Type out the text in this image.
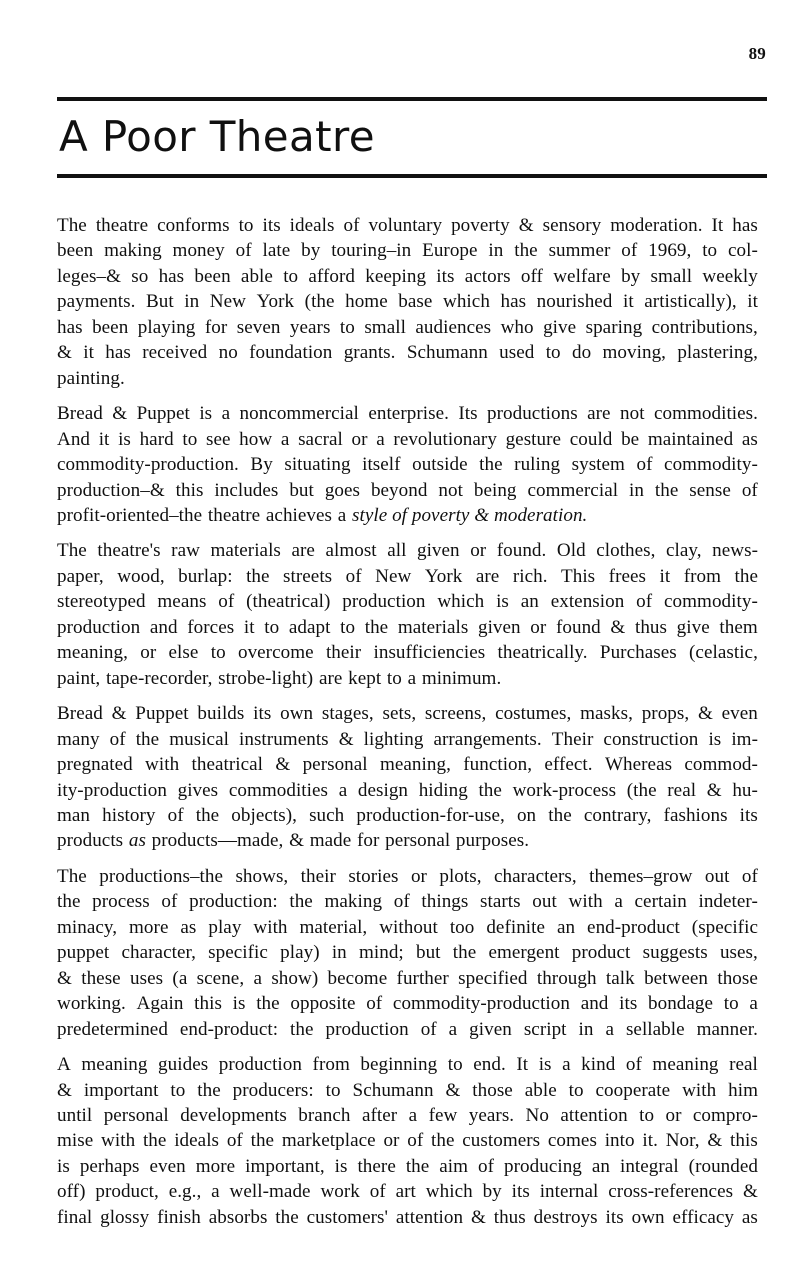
89
A Poor Theatre

The theatre conforms to its ideals of voluntary poverty & sensory moderation. It has
been making money of late by touring–in Europe in the summer of 1969, to col-
leges–& so has been able to afford keeping its actors off welfare by small weekly
payments. But in New York (the home base which has nourished it artistically), it
has been playing for seven years to small audiences who give sparing contributions,
& it has received no foundation grants. Schumann used to do moving, plastering,
painting.

Bread & Puppet is a noncommercial enterprise. Its productions are not commodities.
And it is hard to see how a sacral or a revolutionary gesture could be maintained as
commodity-production. By situating itself outside the ruling system of commodity-
production–& this includes but goes beyond not being commercial in the sense of
profit-oriented–the theatre achieves a style of poverty & moderation.

The theatre's raw materials are almost all given or found. Old clothes, clay, news-
paper, wood, burlap: the streets of New York are rich. This frees it from the
stereotyped means of (theatrical) production which is an extension of commodity-
production and forces it to adapt to the materials given or found & thus give them
meaning, or else to overcome their insufficiencies theatrically. Purchases (celastic,
paint, tape-recorder, strobe-light) are kept to a minimum.

Bread & Puppet builds its own stages, sets, screens, costumes, masks, props, & even
many of the musical instruments & lighting arrangements. Their construction is im-
pregnated with theatrical & personal meaning, function, effect. Whereas commod-
ity-production gives commodities a design hiding the work-process (the real & hu-
man history of the objects), such production-for-use, on the contrary, fashions its
products as products—made, & made for personal purposes.

The productions–the shows, their stories or plots, characters, themes–grow out of
the process of production: the making of things starts out with a certain indeter-
minacy, more as play with material, without too definite an end-product (specific
puppet character, specific play) in mind; but the emergent product suggests uses,
& these uses (a scene, a show) become further specified through talk between those
working. Again this is the opposite of commodity-production and its bondage to a
predetermined end-product: the production of a given script in a sellable manner.

A meaning guides production from beginning to end. It is a kind of meaning real
& important to the producers: to Schumann & those able to cooperate with him
until personal developments branch after a few years. No attention to or compro-
mise with the ideals of the marketplace or of the customers comes into it. Nor, & this
is perhaps even more important, is there the aim of producing an integral (rounded
off) product, e.g., a well-made work of art which by its internal cross-references &
final glossy finish absorbs the customers' attention & thus destroys its own efficacy as
